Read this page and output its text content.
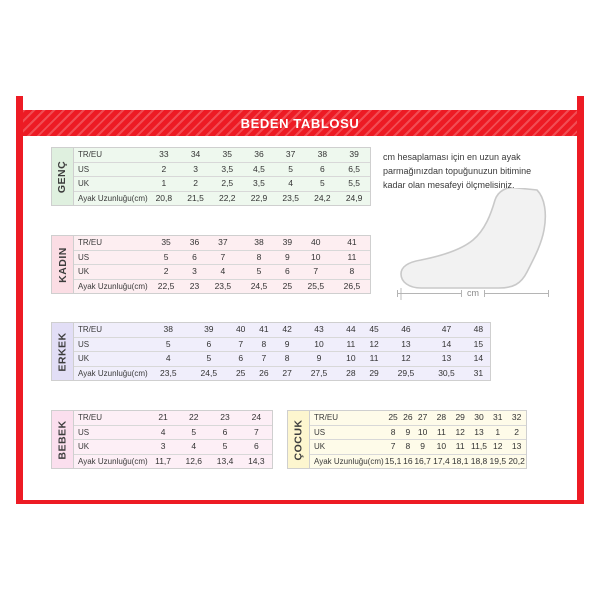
BEDEN TABLOSU
GENÇ
TR/EU	33	34	35	36	37	38	39
US	2	3	3,5	4,5	5	6	6,5
UK	1	2	2,5	3,5	4	5	5,5
Ayak Uzunluğu(cm)	20,8	21,5	22,2	22,9	23,5	24,2	24,9
KADIN
TR/EU	35	36	37	38	39	40	41
US	5	6	7	8	9	10	11
UK	2	3	4	5	6	7	8
Ayak Uzunluğu(cm)	22,5	23	23,5	24,5	25	25,5	26,5
ERKEK
TR/EU	38	39	40	41	42	43	44	45	46	47	48
US	5	6	7	8	9	10	11	12	13	14	15
UK	4	5	6	7	8	9	10	11	12	13	14
Ayak Uzunluğu(cm)	23,5	24,5	25	26	27	27,5	28	29	29,5	30,5	31
BEBEK
TR/EU	21	22	23	24
US	4	5	6	7
UK	3	4	5	6
Ayak Uzunluğu(cm)	11,7	12,6	13,4	14,3
ÇOCUK
TR/EU	25	26	27	28	29	30	31	32
US	8	9	10	11	12	13	1	2
UK	7	8	9	10	11	11,5	12	13
Ayak Uzunluğu(cm)	15,1	16	16,7	17,4	18,1	18,8	19,5	20,2
cm hesaplaması için en uzun ayak parmağınızdan topuğunuzun bitimine kadar olan mesafeyi ölçmelisiniz.
cm
